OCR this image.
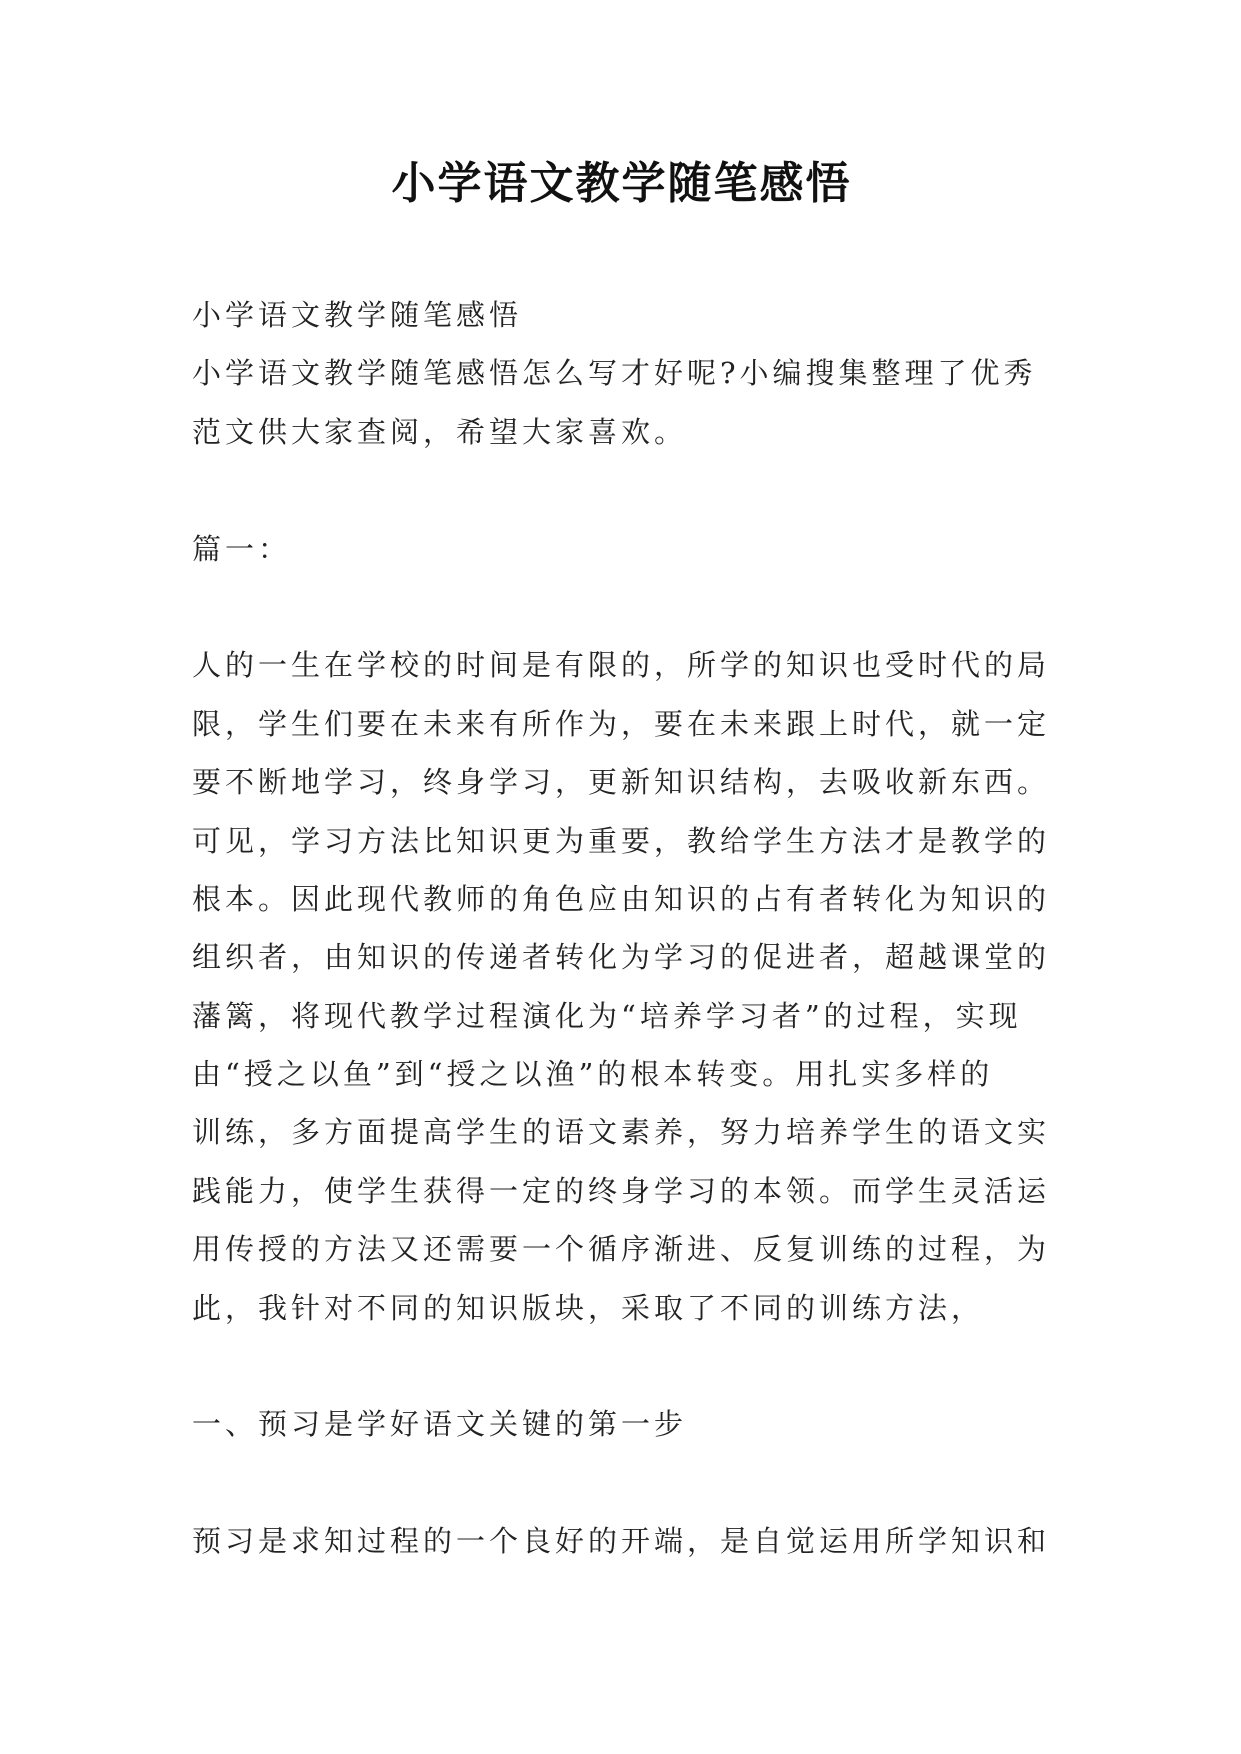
小学语文教学随笔感悟
小学语文教学随笔感悟
小学语文教学随笔感悟怎么写才好呢?小编搜集整理了优秀
范文供大家查阅，希望大家喜欢。
篇一：
人的一生在学校的时间是有限的，所学的知识也受时代的局
限，学生们要在未来有所作为，要在未来跟上时代，就一定
要不断地学习，终身学习，更新知识结构，去吸收新东西。
可见，学习方法比知识更为重要，教给学生方法才是教学的
根本。因此现代教师的角色应由知识的占有者转化为知识的
组织者，由知识的传递者转化为学习的促进者，超越课堂的
藩篱，将现代教学过程演化为“培养学习者”的过程，实现
由“授之以鱼”到“授之以渔”的根本转变。用扎实多样的
训练，多方面提高学生的语文素养，努力培养学生的语文实
践能力，使学生获得一定的终身学习的本领。而学生灵活运
用传授的方法又还需要一个循序渐进、反复训练的过程，为
此，我针对不同的知识版块，采取了不同的训练方法，
一、预习是学好语文关键的第一步
预习是求知过程的一个良好的开端，是自觉运用所学知识和
